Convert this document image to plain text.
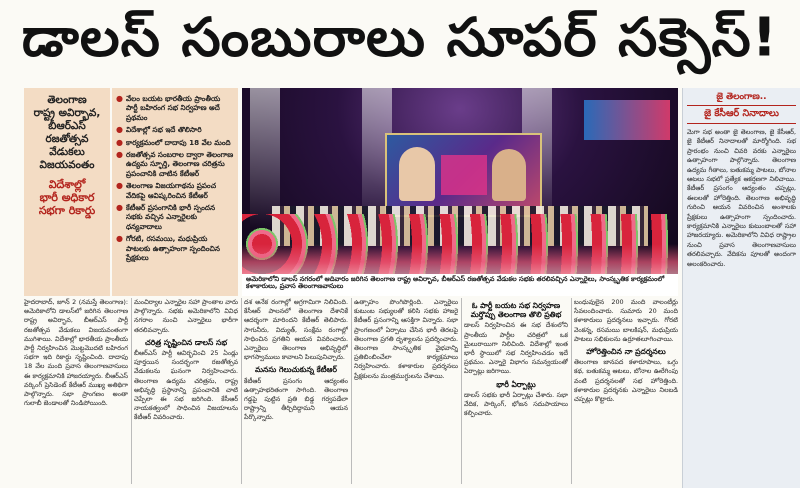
డాలస్ సంబురాలు సూపర్ సక్సెస్!
తెలంగాణ
రాష్ట్ర అవిర్భావ,
బీఆర్ఎస్
రజతోత్సవ
వేడుకలు
విజయవంతం
విదేశాల్లో
భారీ అధికార
సభగా రికార్డు
● వేలం బయట భారతీయ ప్రాంతీయ పార్టీ బహిరంగ సభ నిర్వహణ అదే ప్రథమం
● విదేశాల్లో సభ ఇదే తొలిసారి
● కార్యక్రమంలో దాదాపు 18 వేల మంది
● రజతోత్సవ సంబరాల ద్వారా తెలంగాణ ఉద్యమ స్ఫూర్తి, తెలంగాణ చరిత్రను ప్రపంచానికి చాటిన కేటీఆర్
● తెలంగాణ విజయగాథను ప్రపంచ వేదికపై ఆవిష్కరించిన కేటీఆర్
● కేటీఆర్ ప్రసంగానికి భారీ స్పందన సభకు వచ్చిన ఎన్నారైలకు ధన్యవాదాలు
● గోరటి, రసమయి, మధుప్రియ పాటలకు ఉత్సాహంగా స్పందించిన ప్రేక్షకులు
అమెరికాలోని డాలస్ నగరంలో ఆదివారం జరిగిన తెలంగాణ రాష్ట్ర అవిర్భావ, బీఆర్ఎస్ రజతోత్సవ వేడుకల సభకు తరలివచ్చిన ఎన్నారైలు, సాంస్కృతిక కార్యక్రమంలో కళాకారులు, ప్రవాస తెలంగాణవాసులు
జై తెలంగాణ..
జై కేసీఆర్ నినాదాలు
మెగా సభ అంతా జై తెలంగాణ, జై కేసీఆర్, జై కేటీఆర్ నినాదాలతో మార్మోగింది. సభ ప్రారంభం నుంచి చివరి వరకు ఎన్నారైలు ఉత్సాహంగా పాల్గొన్నారు. తెలంగాణ ఉద్యమ గీతాలు, బతుకమ్మ పాటలు, బోనాల ఆటలు సభలో ప్రత్యేక ఆకర్షణగా నిలిచాయి. కేటీఆర్ ప్రసంగం ఆద్యంతం చప్పట్లు, ఈలలతో హోరెత్తింది. తెలంగాణ అభివృద్ధి గురించి ఆయన వివరించిన అంశాలకు ప్రేక్షకులు ఉత్సాహంగా స్పందించారు. కార్యక్రమానికి ఎన్నారైలు కుటుంబాలతో సహా హాజరయ్యారు. అమెరికాలోని వివిధ రాష్ట్రాల నుంచి ప్రవాస తెలంగాణవాసులు తరలివచ్చారు. వేదికను పూలతో అందంగా అలంకరించారు.
హైదరాబాద్, జూన్ 2 (నమస్తే తెలంగాణ): అమెరికాలోని డాలస్‌లో జరిగిన తెలంగాణ రాష్ట్ర అవిర్భావ, బీఆర్ఎస్ పార్టీ రజతోత్సవ వేడుకలు విజయవంతంగా ముగిశాయి. విదేశాల్లో భారతీయ ప్రాంతీయ పార్టీ నిర్వహించిన మొట్టమొదటి బహిరంగ సభగా ఇది రికార్డు సృష్టించింది. దాదాపు 18 వేల మంది ప్రవాస తెలంగాణవాసులు ఈ కార్యక్రమానికి హాజరయ్యారు. బీఆర్ఎస్ వర్కింగ్ ప్రెసిడెంట్ కేటీఆర్ ముఖ్య అతిథిగా పాల్గొన్నారు. సభా ప్రాంగణం అంతా గులాబీ జెండాలతో నిండిపోయింది.
మంచిర్యాల ఎన్నారైల సహా ప్రాంతాల వారు పాల్గొన్నారు. సభకు అమెరికాలోని వివిధ నగరాల నుంచి ఎన్నారైలు భారీగా తరలివచ్చారు.
చరిత్ర సృష్టించిన డాలస్ సభ
బీఆర్ఎస్ పార్టీ ఆవిర్భవించి 25 ఏండ్లు పూర్తయిన సందర్భంగా రజతోత్సవ వేడుకలను ఘనంగా నిర్వహించారు. తెలంగాణ ఉద్యమ చరిత్రను, రాష్ట్ర అభివృద్ధి ప్రస్థానాన్ని ప్రపంచానికి చాటి చెప్పేలా ఈ సభ జరిగింది. కేసీఆర్ నాయకత్వంలో సాధించిన విజయాలను కేటీఆర్ వివరించారు.
దశ అనేక రంగాల్లో అగ్రగామిగా నిలిచింది. కేసీఆర్ పాలనలో తెలంగాణ దేశానికే ఆదర్శంగా మారిందని కేటీఆర్ తెలిపారు. సాగునీరు, విద్యుత్, సంక్షేమ రంగాల్లో సాధించిన ప్రగతిని ఆయన వివరించారు. ఎన్నారైలు తెలంగాణ అభివృద్ధిలో భాగస్వాములు కావాలని పిలుపునిచ్చారు.
మనసు గెలుచుకున్న కేటీఆర్
కేటీఆర్ ప్రసంగం ఆద్యంతం ఉత్సాహభరితంగా సాగింది. తెలంగాణ గడ్డపై పుట్టిన ప్రతి బిడ్డ గర్వపడేలా రాష్ట్రాన్ని తీర్చిదిద్దామని ఆయన పేర్కొన్నారు.
ఉత్సాహం పొంగిపొర్లింది. ఎన్నారైలు కుటుంబ సభ్యులతో కలిసి సభకు హాజరై కేటీఆర్ ప్రసంగాన్ని ఆసక్తిగా విన్నారు. సభా ప్రాంగణంలో ఏర్పాటు చేసిన భారీ తెరలపై తెలంగాణ ప్రగతి దృశ్యాలను ప్రదర్శించారు. తెలంగాణ సాంస్కృతిక వైభవాన్ని ప్రతిబింబించేలా కార్యక్రమాలు నిర్వహించారు. కళాకారుల ప్రదర్శనలు ప్రేక్షకులను మంత్రముగ్ధులను చేశాయి.
ఓ పార్టీ బయట సభ నిర్వహణ మర్తొప్పు తెలంగాణ తొలి ప్రతిభ
డాలస్ నిర్వహించిన ఈ సభ దేశంలోని ప్రాంతీయ పార్టీల చరిత్రలో ఒక మైలురాయిగా నిలిచింది. విదేశాల్లో ఇంత భారీ స్థాయిలో సభ నిర్వహించడం ఇదే ప్రథమం. ఎన్నారై విభాగం సమన్వయంతో ఏర్పాట్లు జరిగాయి.
భారీ ఏర్పాట్లు
డాలస్ సభకు భారీ ఏర్పాట్లు చేశారు. సభా వేదిక, పార్కింగ్, భోజన సదుపాయాలు కల్పించారు.
బంధువులైన 200 మంది వాలంటీర్లు సేవలందించారు. సుమారు 20 మంది కళాకారులు ప్రదర్శనలు ఇచ్చారు. గోరటి వెంకన్న, రసమయి బాలకిషన్, మధుప్రియ పాటలు సభికులను ఉర్రూతలూగించాయి.
హోరెత్తించిన నా ప్రదర్శనలు
తెలంగాణ జానపద కళారూపాలు, ఒగ్గు కథ, బతుకమ్మ ఆటలు, బోనాల ఊరేగింపు వంటి ప్రదర్శనలతో సభ హోరెత్తింది. కళాకారుల ప్రదర్శనకు ఎన్నారైలు నిలబడి చప్పట్లు కొట్టారు.
